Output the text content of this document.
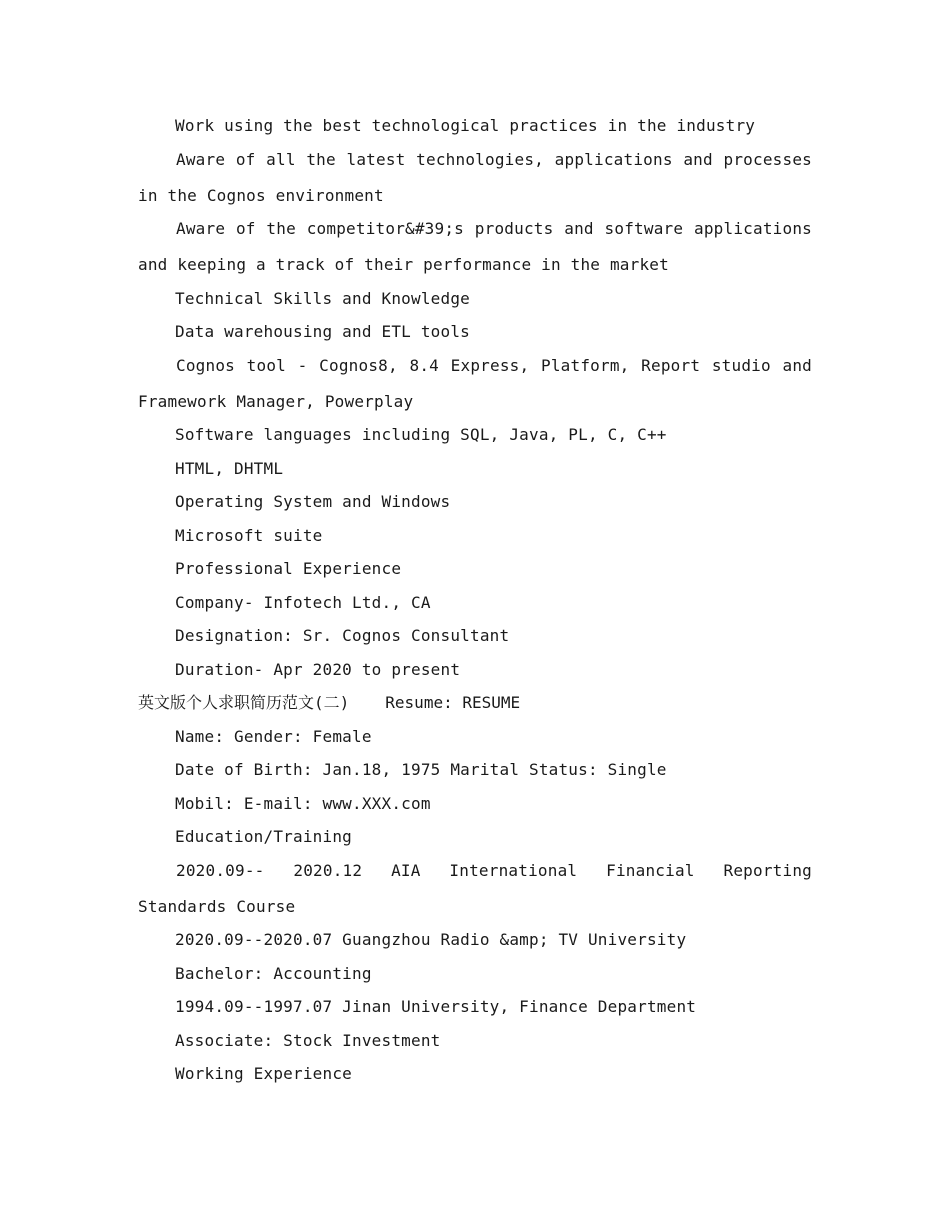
Work using the best technological practices in the industry
Aware of all the latest technologies, applications and processes in the Cognos environment
Aware of the competitor&#39;s products and software applications and keeping a track of their performance in the market
Technical Skills and Knowledge
Data warehousing and ETL tools
Cognos tool - Cognos8, 8.4 Express, Platform, Report studio and Framework Manager, Powerplay
Software languages including SQL, Java, PL, C, C++
HTML, DHTML
Operating System and Windows
Microsoft suite
Professional Experience
Company- Infotech Ltd., CA
Designation: Sr. Cognos Consultant
Duration- Apr 2020 to present
英文版个人求职简历范文(二) Resume: RESUME
Name: Gender: Female
Date of Birth: Jan.18, 1975 Marital Status: Single
Mobil: E-mail: www.XXX.com
Education/Training
2020.09-- 2020.12 AIA International Financial Reporting Standards Course
2020.09--2020.07 Guangzhou Radio &amp; TV University
Bachelor: Accounting
1994.09--1997.07 Jinan University, Finance Department
Associate: Stock Investment
Working Experience
